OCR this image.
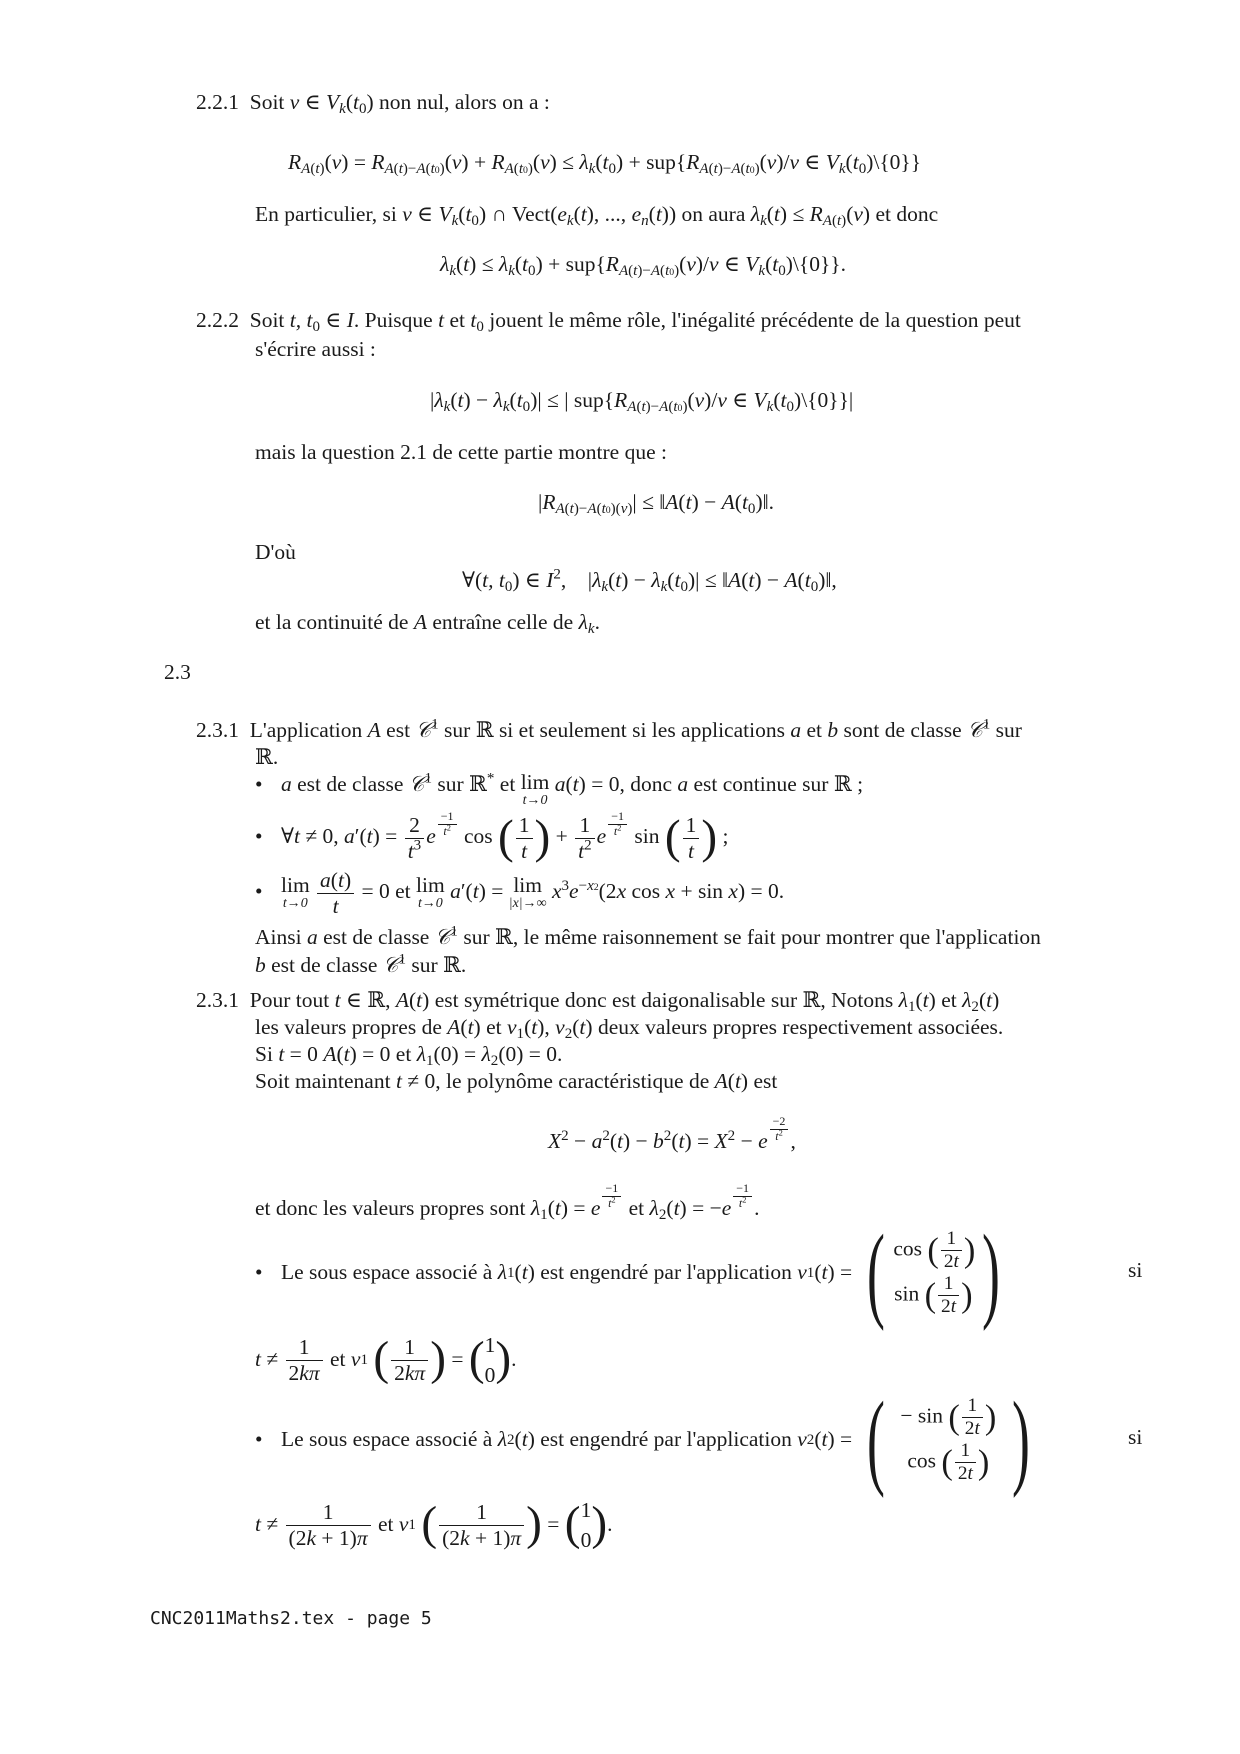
2.2.1  Soit v ∈ $V_k(t_0)$ non nul, alors on a :
$R_{A(t)}(v) = R_{A(t)-A(t0)}(v) + R_{A(t0)}(v) \le \lambda_k(t_0) + sup\{R_{A(t)-A(t0)}(v)/v$ ∈ $V_k(t_0)\backslash\{0\}$}
En particulier, si v ∈ $V_k(t_0)$ ∩ $Vect(e_k(t)$, ..., $e_n(t)$) on aura $\lambda_k(t) \le R_{A(t)}(v)$ et donc
$\lambda_k(t) \le \lambda_k(t_0) + sup\{R_{A(t)-A(t0)}(v)/v$ ∈ $V_k(t_0)\backslash\{0\}$}.
2.2.2 Soit t, $t_0$ ∈ I. Puisque t et $t_0$ jouent le même rôle, l'inégalité précédente de la question peut
s'écrire aussi :
$|\lambda_k(t) - \lambda_k(t_0)|$ ≤ | $sup\{R_{A(t)-A(t0)}(v)/v$ ∈ $V_k(t_0)\backslash\{0\}\}|$
mais la question 2.1 de cette partie montre que :
$|R_{A(t)-A(t0)(v)}|$ ≤ ‖A(t) − $A(t_0)‖$.
D'où
∀(t, $t_0$) ∈ $I^2$,    $|\lambda_k(t) - \lambda_k(t_0)|$ ≤ ‖A(t) − $A(t_0)‖$,
et la continuité de A entraîne celle de $\lambda_k$.
2.3
2.3.1 L'application A est 𝒞$^1$ sur ℝ si et seulement si les applications a et b sont de classe 𝒞$^1$ sur
ℝ.
• a est de classe 𝒞$^1$ sur ℝ* et lim
t→0
a(t) = 0, donc a est continue sur ℝ ;
• ∀t ≠ 0, $a'(t) = \frac{2}{t^3}$ e $^{\frac{-1}{t^2}}$ cos ( $\frac{1}{t}$ ) + $\frac{1}{t^2}$ e $^{\frac{-1}{t^2}}$ sin ( $\frac{1}{t}$ ) ;
• lim
t→0
$\frac{a(t)}{t} = 0$ et lim
t→0
a′(t) = lim
|x|→∞
$x^3e^{-x2}(2x$ cos x + sin x) = 0.
Ainsi a est de classe 𝒞$^1$ sur ℝ, le même raisonnement se fait pour montrer que l'application
b est de classe 𝒞$^1$ sur ℝ.
2.3.1 Pour tout t ∈ ℝ, A(t) est symétrique donc est daigonalisable sur ℝ, Notons $\lambda_1(t)$ et $\lambda_2(t)$
les valeurs propres de A(t) et $v_1(t)$, $v_2(t)$ deux valeurs propres respectivement associées.
Si t = 0 A(t) = 0 et $\lambda_1(0) = \lambda_2(0) = 0$.
Soit maintenant t ≠ 0, le polynôme caractéristique de A(t) est
$X^2 - a^2(t) - b^2(t) = X^2 - e$ $^{\frac{-2}{t^2}}$ ,
et donc les valeurs propres sont $\lambda_1(t) = e$ $^{\frac{-1}{t^2}}$ et $\lambda_2(t) = -e$ $^{\frac{-1}{t^2}}$ .
• Le sous espace associé à
λ 1 ( t ) est engendré par l'application
v 1 ( t ) = ( cos ( $\frac{1}{2t}$ )
sin ( $\frac{1}{2t}$ ) )	si
$t \ne \frac{1}{2k\pi}$
et
v 1
( $\frac{1}{2k\pi}$ ) = ( 1
0 ) .
• Le sous espace associé à
λ 2 ( t ) est engendré par l'application
v 2 ( t ) = ( − sin ( $\frac{1}{2t}$ )
cos ( $\frac{1}{2t}$ ) )	si
$t \ne \frac{1}{(2k + 1)\pi}$
et
v 1
( $\frac{1}{(2k + 1)\pi}$ ) = ( 1
0 ) .
CNC2011Maths2.tex - page 5
